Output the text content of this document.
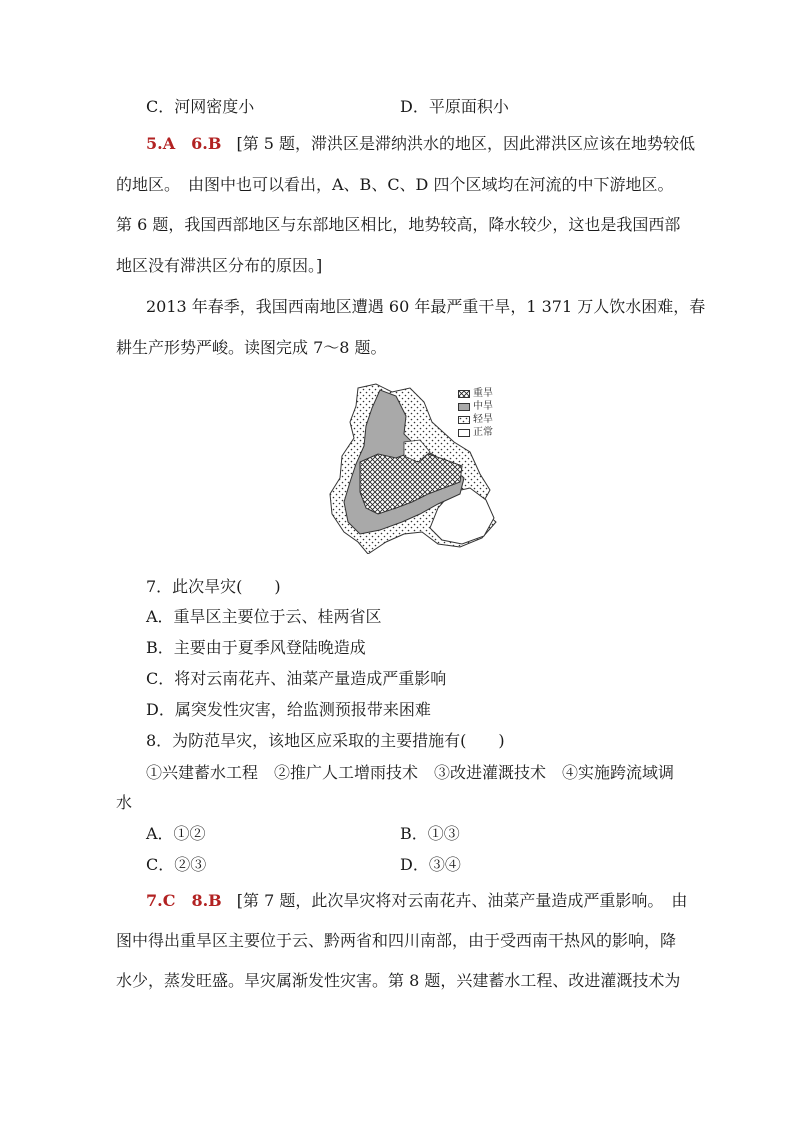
C．河网密度小	D．平原面积小
5.A　6.B [第 5 题，滞洪区是滞纳洪水的地区，因此滞洪区应该在地势较低
的地区。　由图中也可以看出，A、B、C、D 四个区域均在河流的中下游地区。
第 6 题，我国西部地区与东部地区相比，地势较高，降水较少，这也是我国西部
地区没有滞洪区分布的原因。]
2013 年春季，我国西南地区遭遇 60 年最严重干旱，1 371 万人饮水困难，春
耕生产形势严峻。读图完成 7～8 题。
重旱
中旱
轻旱
正常
7．此次旱灾(　　)
A．重旱区主要位于云、桂两省区
B．主要由于夏季风登陆晚造成
C．将对云南花卉、油菜产量造成严重影响
D．属突发性灾害，给监测预报带来困难
8．为防范旱灾，该地区应采取的主要措施有(　　)
①兴建蓄水工程　②推广人工增雨技术　③改进灌溉技术　④实施跨流域调
水
A．①②	B．①③
C．②③	D．③④
7.C　8.B [第 7 题，此次旱灾将对云南花卉、油菜产量造成严重影响。　由
图中得出重旱区主要位于云、黔两省和四川南部，由于受西南干热风的影响，降
水少，蒸发旺盛。旱灾属渐发性灾害。第 8 题，兴建蓄水工程、改进灌溉技术为
